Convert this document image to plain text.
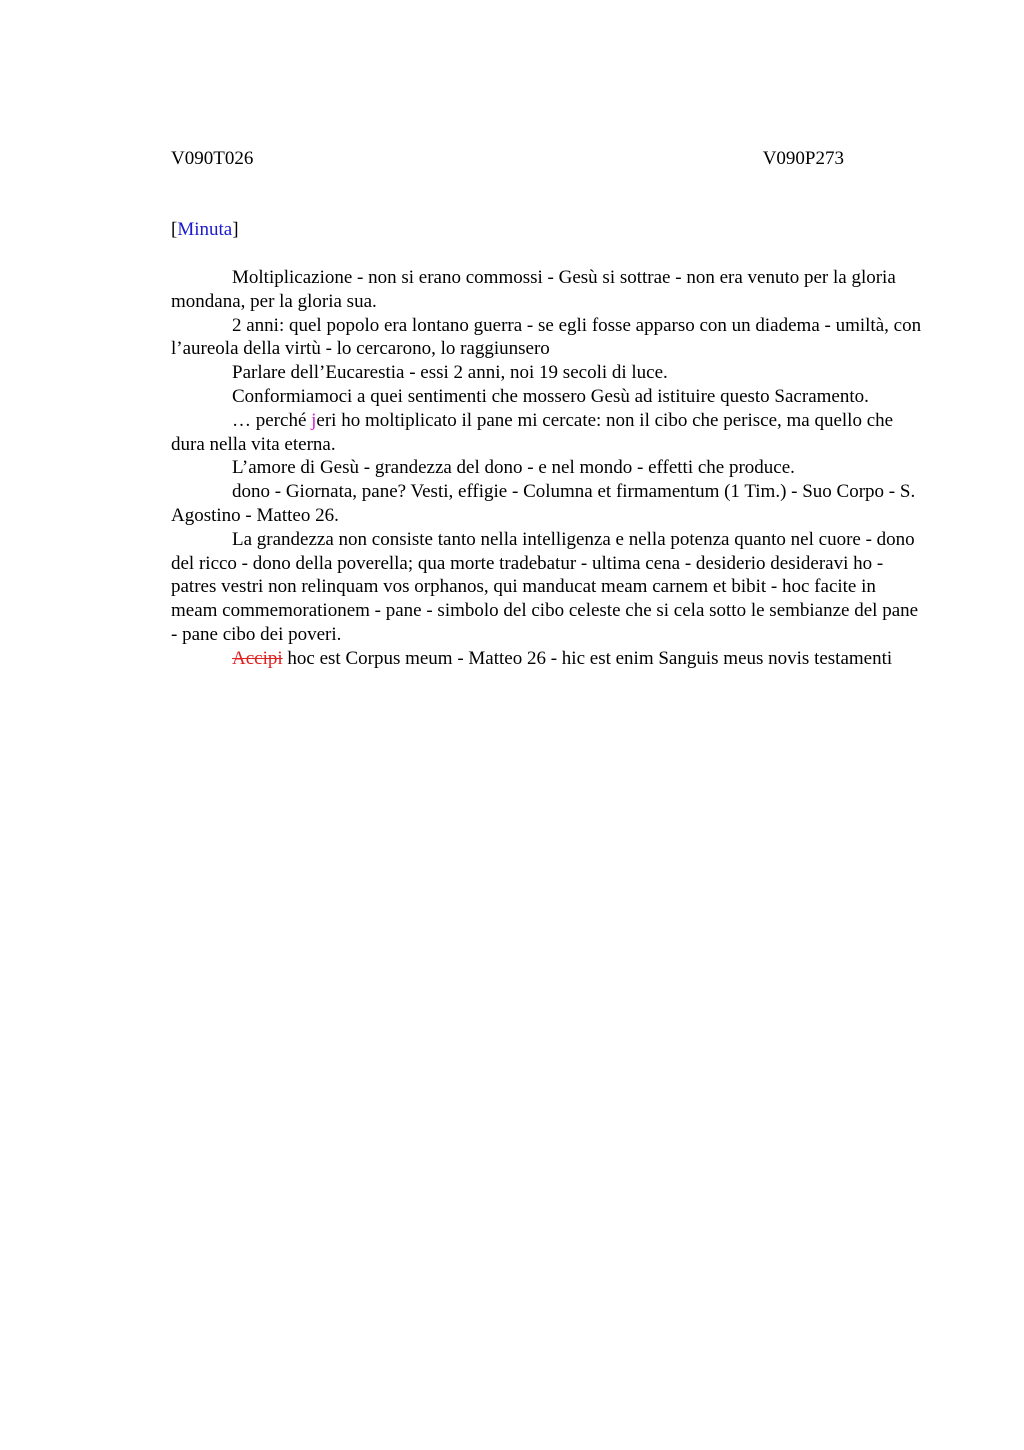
V090T026	V090P273
[Minuta]

Moltiplicazione - non si erano commossi - Gesù si sottrae - non era venuto per la gloria mondana, per la gloria sua.

2 anni: quel popolo era lontano guerra - se egli fosse apparso con un diadema - umiltà, con l’aureola della virtù - lo cercarono, lo raggiunsero

Parlare dell’Eucarestia - essi 2 anni, noi 19 secoli di luce.

Conformiamoci a quei sentimenti che mossero Gesù ad istituire questo Sacramento.

… perché jeri ho moltiplicato il pane mi cercate: non il cibo che perisce, ma quello che dura nella vita eterna.

L’amore di Gesù - grandezza del dono - e nel mondo - effetti che produce.

dono - Giornata, pane? Vesti, effigie - Columna et firmamentum (1 Tim.) - Suo Corpo - S. Agostino - Matteo 26.

La grandezza non consiste tanto nella intelligenza e nella potenza quanto nel cuore - dono del ricco - dono della poverella; qua morte tradebatur - ultima cena - desiderio desideravi ho - patres vestri non relinquam vos orphanos, qui manducat meam carnem et bibit - hoc facite in meam commemorationem - pane - simbolo del cibo celeste che si cela sotto le sembianze del pane - pane cibo dei poveri.

Accipi hoc est Corpus meum - Matteo 26 - hic est enim Sanguis meus novis testamenti
